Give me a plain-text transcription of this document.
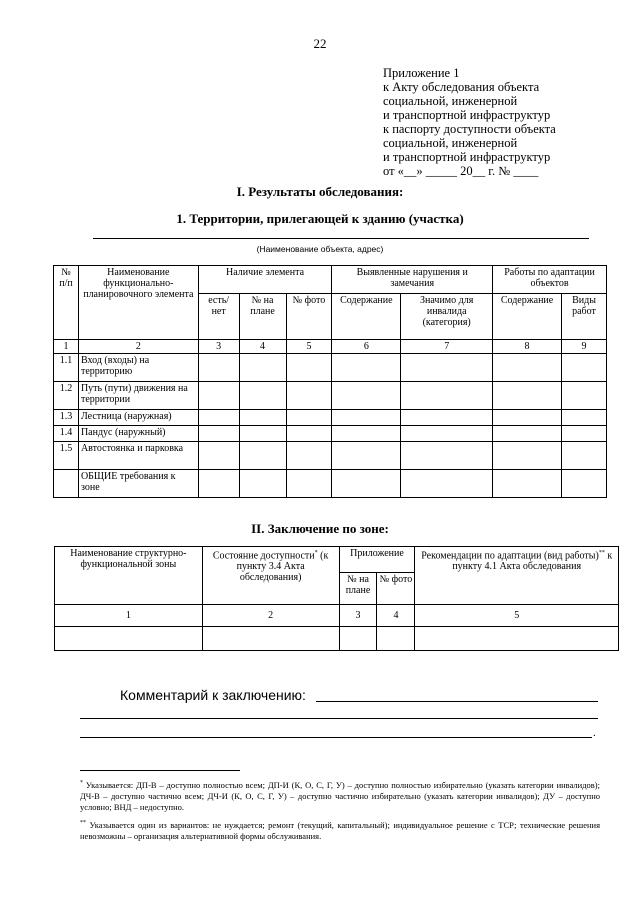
22
Приложение 1
к Акту обследования объекта
социальной, инженерной
и транспортной инфраструктур
к паспорту доступности объекта
социальной, инженерной
и транспортной инфраструктур
от «__» _____ 20__ г. № ____
I. Результаты обследования:
1. Территории, прилегающей к зданию (участка)
(Наименование объекта, адрес)
№ п/п	Наименование функционально-планировочного элемента	Наличие элемента			Выявленные нарушения и замечания		Работы по адаптации объектов	
		есть/ нет	№ на плане	№ фото	Содержание	Значимо для инвалида (категория)	Содержание	Виды работ
1	2	3	4	5	6	7	8	9
1.1	Вход (входы) на территорию							
1.2	Путь (пути) движения на территории							
1.3	Лестница (наружная)							
1.4	Пандус (наружный)							
1.5	Автостоянка и парковка							
	ОБЩИЕ требования к зоне							
II. Заключение по зоне:
Наименование структурно-функциональной зоны	Состояние доступности* (к пункту 3.4 Акта обследования)	Приложение		Рекомендации по адаптации (вид работы)** к пункту 4.1 Акта обследования
		№ на плане	№ фото	
1	2	3	4	5

Комментарий к заключению:
.
* Указывается: ДП-В – доступно полностью всем; ДП-И (К, О, С, Г, У) – доступно полностью избирательно (указать категории инвалидов); ДЧ-В – доступно частично всем; ДЧ-И (К, О, С, Г, У) – доступно частично избирательно (указать категории инвалидов); ДУ – доступно условно; ВНД – недоступно.
** Указывается один из вариантов: не нуждается; ремонт (текущий, капитальный); индивидуальное решение с ТСР; технические решения невозможны – организация альтернативной формы обслуживания.
